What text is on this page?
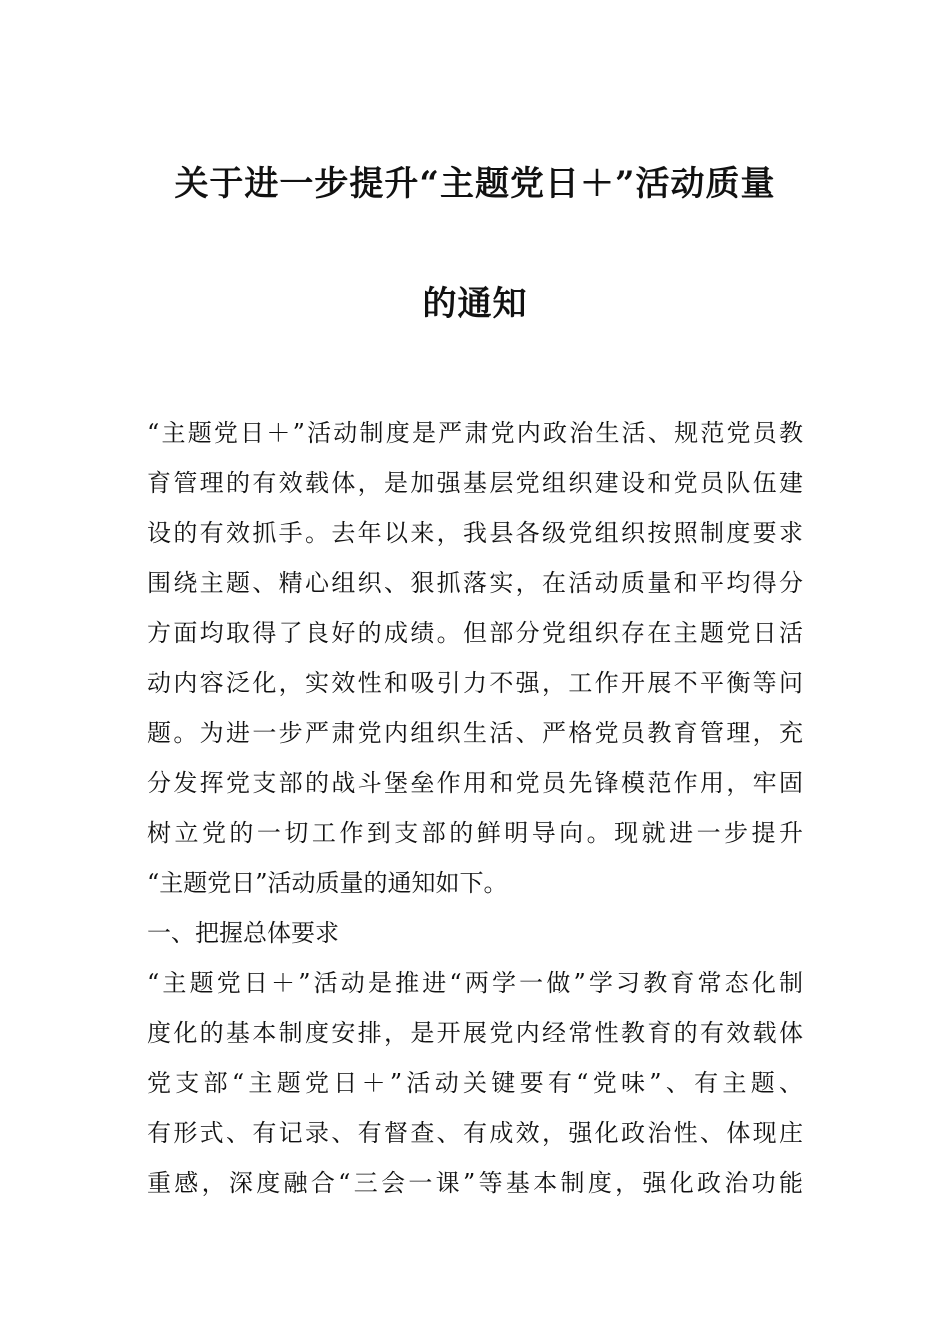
关于进一步提升“主题党日＋”活动质量
的通知
“主题党日＋”活动制度是严肃党内政治生活、规范党员教
育管理的有效载体，是加强基层党组织建设和党员队伍建
设的有效抓手。去年以来，我县各级党组织按照制度要求
围绕主题、精心组织、狠抓落实，在活动质量和平均得分
方面均取得了良好的成绩。但部分党组织存在主题党日活
动内容泛化，实效性和吸引力不强，工作开展不平衡等问
题。为进一步严肃党内组织生活、严格党员教育管理，充
分发挥党支部的战斗堡垒作用和党员先锋模范作用，牢固
树立党的一切工作到支部的鲜明导向。现就进一步提升
“主题党日”活动质量的通知如下。
一、把握总体要求
“主题党日＋”活动是推进“两学一做”学习教育常态化制
度化的基本制度安排，是开展党内经常性教育的有效载体
党支部“主题党日＋”活动关键要有“党味”、有主题、
有形式、有记录、有督查、有成效，强化政治性、体现庄
重感，深度融合“三会一课”等基本制度，强化政治功能
